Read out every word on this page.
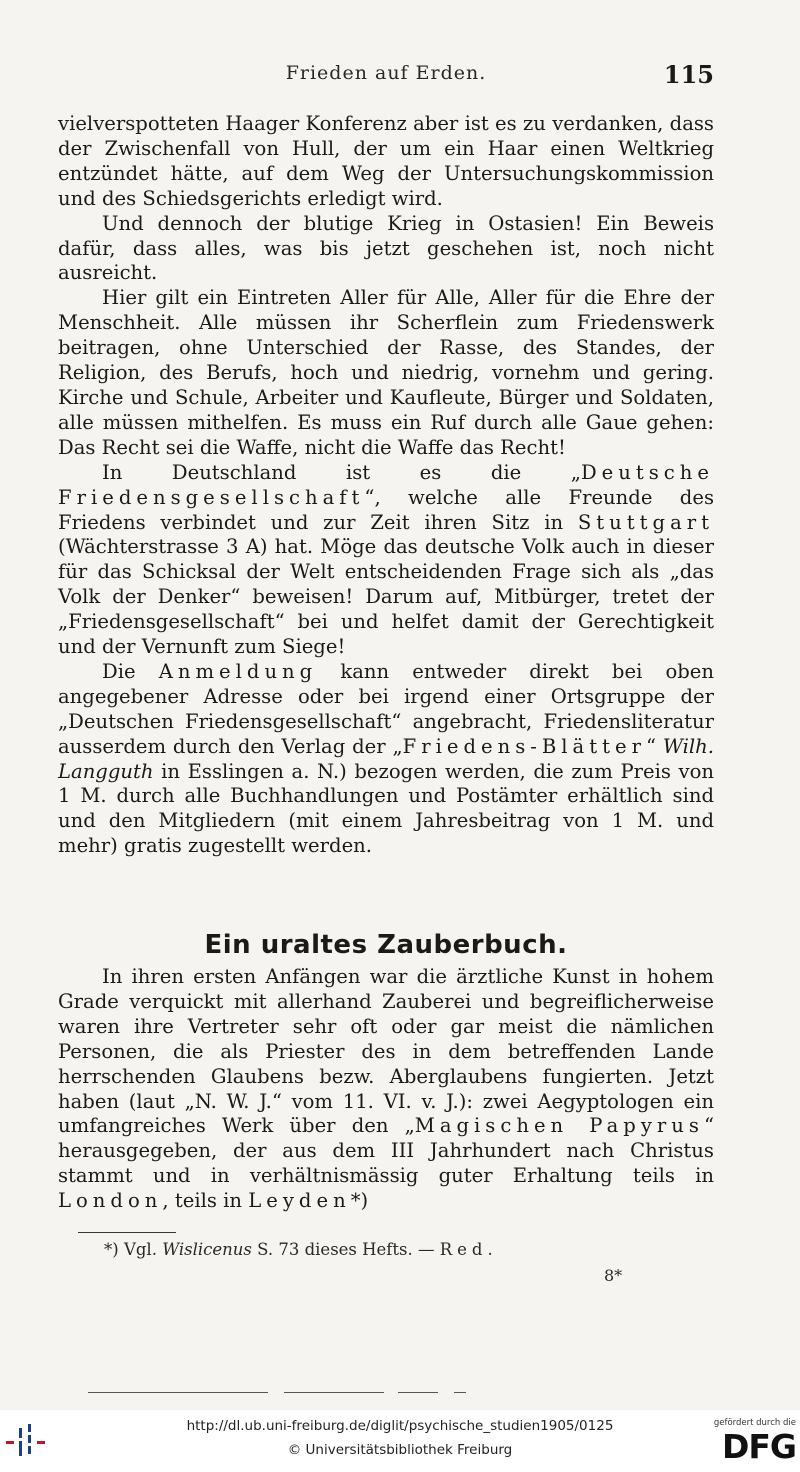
Frieden auf Erden.	115

vielverspotteten Haager Konferenz aber ist es zu verdanken, dass der Zwischenfall von Hull, der um ein Haar einen Weltkrieg entzündet hätte, auf dem Weg der Untersuchungskommission und des Schiedsgerichts erledigt wird.

Und dennoch der blutige Krieg in Ostasien! Ein Beweis dafür, dass alles, was bis jetzt geschehen ist, noch nicht ausreicht.

Hier gilt ein Eintreten Aller für Alle, Aller für die Ehre der Menschheit. Alle müssen ihr Scherflein zum Friedenswerk beitragen, ohne Unterschied der Rasse, des Standes, der Religion, des Berufs, hoch und niedrig, vornehm und gering. Kirche und Schule, Arbeiter und Kaufleute, Bürger und Soldaten, alle müssen mithelfen. Es muss ein Ruf durch alle Gaue gehen: Das Recht sei die Waffe, nicht die Waffe das Recht!

In Deutschland ist es die „Deutsche Friedensgesellschaft“, welche alle Freunde des Friedens verbindet und zur Zeit ihren Sitz in Stuttgart (Wächterstrasse 3 A) hat. Möge das deutsche Volk auch in dieser für das Schicksal der Welt entscheidenden Frage sich als „das Volk der Denker“ beweisen! Darum auf, Mitbürger, tretet der „Friedensgesellschaft“ bei und helfet damit der Gerechtigkeit und der Vernunft zum Siege!

Die Anmeldung kann entweder direkt bei oben angegebener Adresse oder bei irgend einer Ortsgruppe der „Deutschen Friedensgesellschaft“ angebracht, Friedensliteratur ausserdem durch den Verlag der „Friedens-Blätter“ Wilh. Langguth in Esslingen a. N.) bezogen werden, die zum Preis von 1 M. durch alle Buchhandlungen und Postämter erhältlich sind und den Mitgliedern (mit einem Jahresbeitrag von 1 M. und mehr) gratis zugestellt werden.

Ein uraltes Zauberbuch.

In ihren ersten Anfängen war die ärztliche Kunst in hohem Grade verquickt mit allerhand Zauberei und begreiflicherweise waren ihre Vertreter sehr oft oder gar meist die nämlichen Personen, die als Priester des in dem betreffenden Lande herrschenden Glaubens bezw. Aberglaubens fungierten. Jetzt haben (laut „N. W. J.“ vom 11. VI. v. J.): zwei Aegyptologen ein umfangreiches Werk über den „Magischen Papyrus“ herausgegeben, der aus dem III Jahrhundert nach Christus stammt und in verhältnismässig guter Erhaltung teils in London, teils in Leyden*)

*) Vgl. Wislicenus S. 73 dieses Hefts. — Red.
8*
http://dl.ub.uni-freiburg.de/diglit/psychische_studien1905/0125
© Universitätsbibliothek Freiburg
gefördert durch die
DFG
